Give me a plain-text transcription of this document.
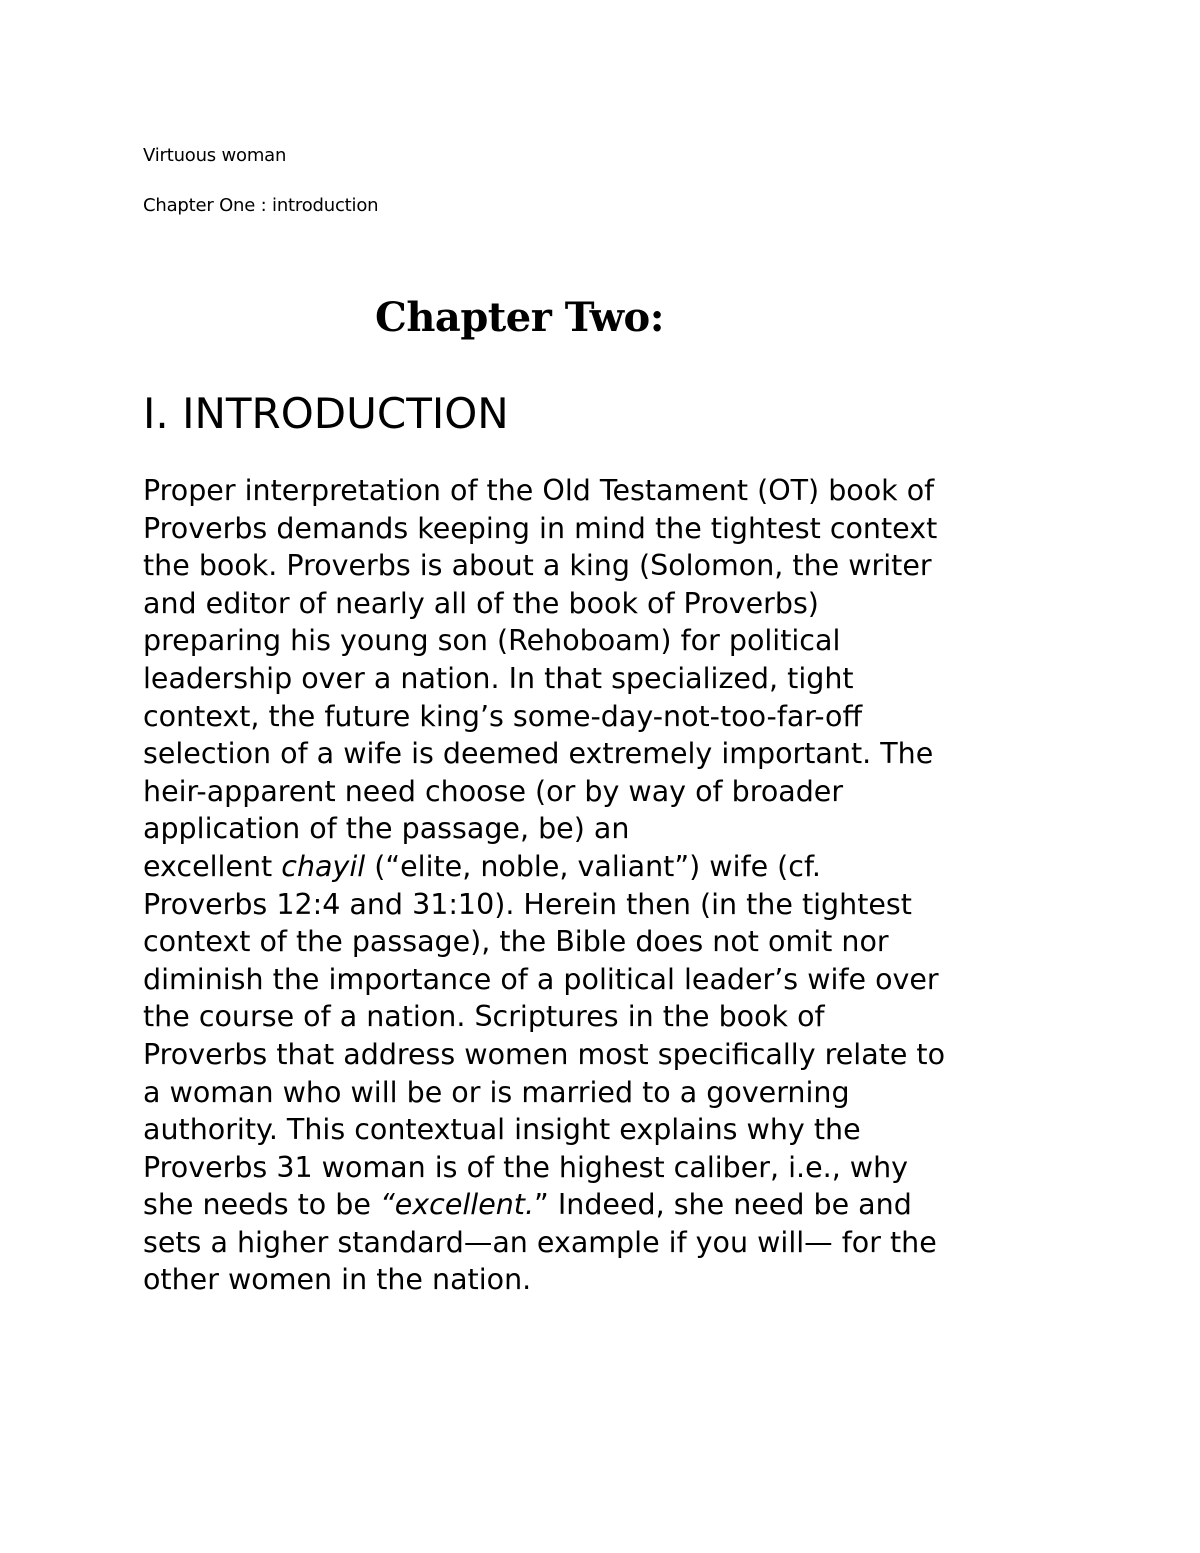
Virtuous woman
Chapter One : introduction
Chapter Two:
I. INTRODUCTION
Proper interpretation of the Old Testament (OT) book of
Proverbs demands keeping in mind the tightest context
the book. Proverbs is about a king (Solomon, the writer
and editor of nearly all of the book of Proverbs)
preparing his young son (Rehoboam) for political
leadership over a nation. In that specialized, tight
context, the future king’s some-day-not-too-far-off
selection of a wife is deemed extremely important. The
heir-apparent need choose (or by way of broader
application of the passage, be) an
excellent chayil (“elite, noble, valiant”) wife (cf.
Proverbs 12:4 and 31:10). Herein then (in the tightest
context of the passage), the Bible does not omit nor
diminish the importance of a political leader’s wife over
the course of a nation. Scriptures in the book of
Proverbs that address women most specifically relate to
a woman who will be or is married to a governing
authority. This contextual insight explains why the
Proverbs 31 woman is of the highest caliber, i.e., why
she needs to be “excellent.” Indeed, she need be and
sets a higher standard—an example if you will— for the
other women in the nation.
